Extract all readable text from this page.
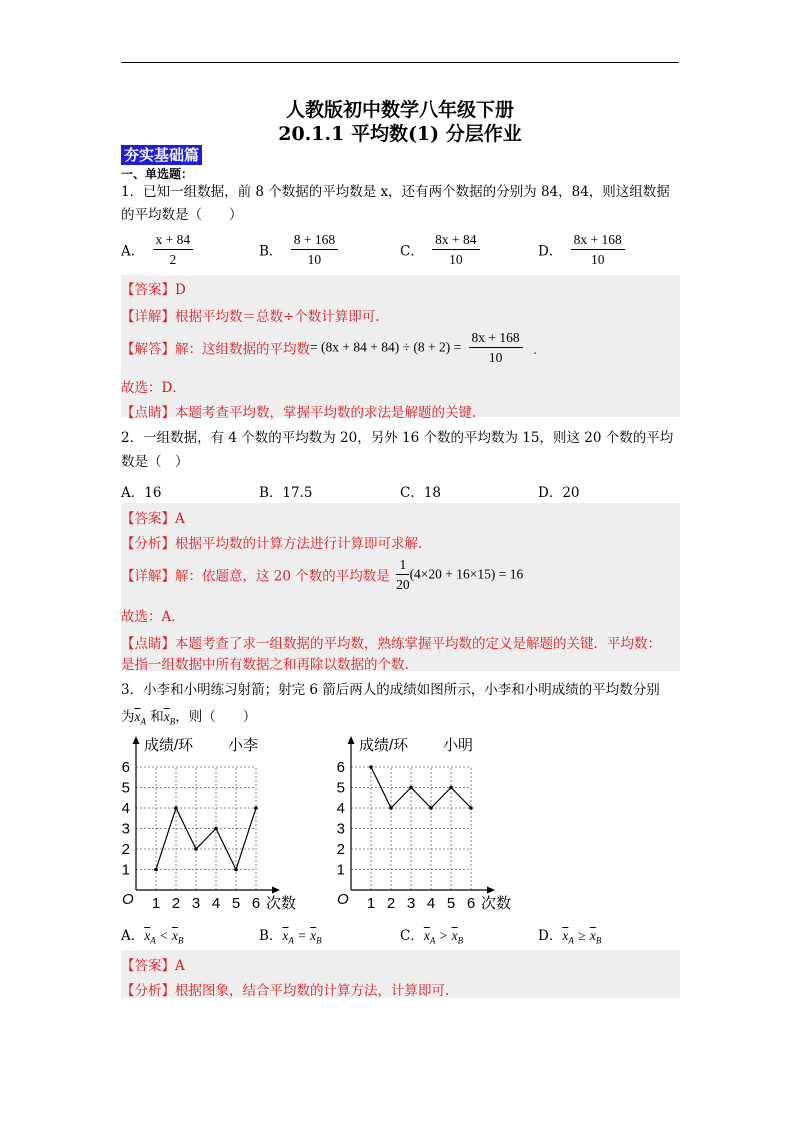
人教版初中数学八年级下册
20.1.1 平均数(1) 分层作业
夯实基础篇
一、单选题：
1．已知一组数据，前 8 个数据的平均数是 x，还有两个数据的分别为 84，84，则这组数据
的平均数是（　　）
A． $\frac{x + 84}{2}$	B． $\frac{8 + 168}{10}$	C． $\frac{8x + 84}{10}$	D． $\frac{8x + 168}{10}$
【答案】D
【详解】根据平均数＝总数÷个数计算即可.
【解答】解：这组数据的平均数= $(8x + 84 + 84) \div (8 + 2) = \frac{8x + 168}{10}$ ．
故选：D．
【点睛】本题考查平均数，掌握平均数的求法是解题的关键.
2．一组数据，有 4 个数的平均数为 20，另外 16 个数的平均数为 15，则这 20 个数的平均
数是（　）
A．16	B．17.5	C．18	D．20
【答案】A
【分析】根据平均数的计算方法进行计算即可求解.
【详解】解：依题意，这 20 个数的平均数是 $\frac{1}{20} (4\times 20 + 16\times 15) = 16$
故选：A．
【点睛】本题考查了求一组数据的平均数，熟练掌握平均数的定义是解题的关键．平均数：
是指一组数据中所有数据之和再除以数据的个数.
3．小李和小明练习射箭；射完 6 箭后两人的成绩如图所示，小李和小明成绩的平均数分别
为$\overline{x}_A$ 和$\overline{x}_B$，则（　　）
1 2 3 4 5 6
1
2
3
4
5
6
O
成绩/环 小李
次数	1 2 3 4 5 6
1
2
3
4
5
6
O
成绩/环 小明
次数
A．$\overline{x}_A < \overline{x}_B$	B．$\overline{x}_A = \overline{x}_B$	C．$\overline{x}_A > \overline{x}_B$	D．$\overline{x}_A \ge \overline{x}_B$
【答案】A
【分析】根据图象，结合平均数的计算方法，计算即可.
